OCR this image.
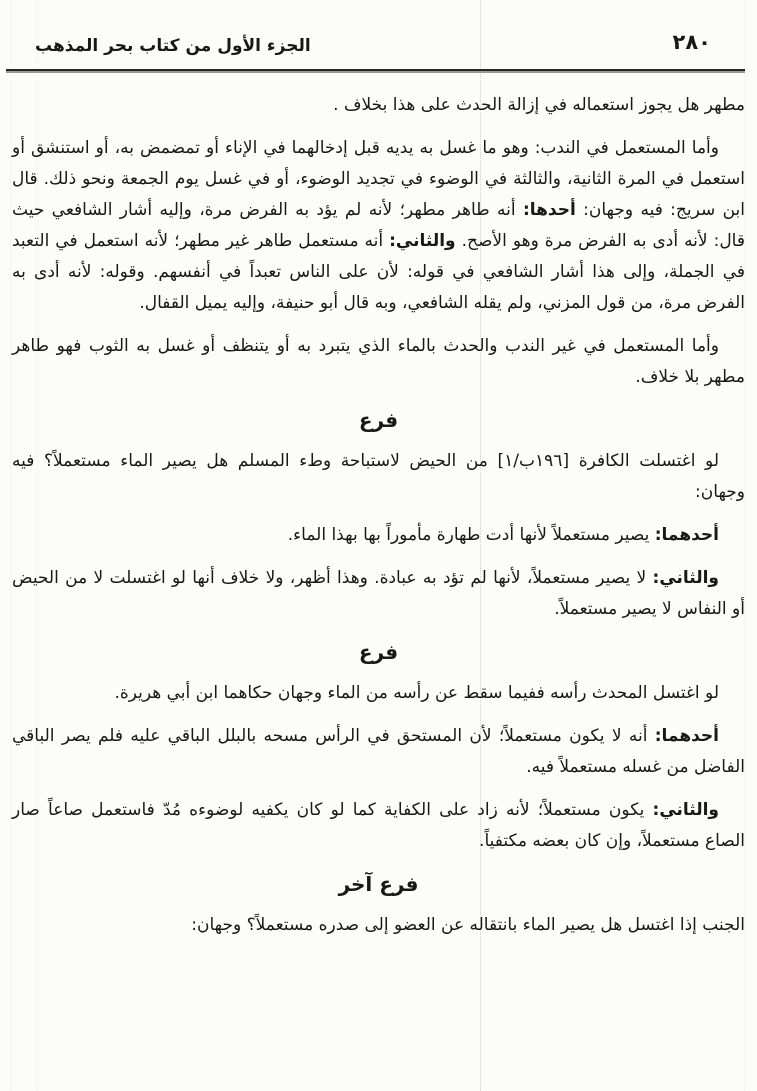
الجزء الأول من كتاب بحر المذهب	٢٨٠

مطهر هل يجوز استعماله في إزالة الحدث على هذا بخلاف .

وأما المستعمل في الندب: وهو ما غسل به يديه قبل إدخالهما في الإناء أو تمضمض به، أو استنشق أو استعمل في المرة الثانية، والثالثة في الوضوء في تجديد الوضوء، أو في غسل يوم الجمعة ونحو ذلك. قال ابن سريج: فيه وجهان: أحدها: أنه طاهر مطهر؛ لأنه لم يؤد به الفرض مرة، وإليه أشار الشافعي حيث قال: لأنه أدى به الفرض مرة وهو الأصح. والثاني: أنه مستعمل طاهر غير مطهر؛ لأنه استعمل في التعبد في الجملة، وإلى هذا أشار الشافعي في قوله: لأن على الناس تعبداً في أنفسهم. وقوله: لأنه أدى به الفرض مرة، من قول المزني، ولم يقله الشافعي، وبه قال أبو حنيفة، وإليه يميل القفال.

وأما المستعمل في غير الندب والحدث بالماء الذي يتبرد به أو يتنظف أو غسل به الثوب فهو طاهر مطهر بلا خلاف.

فرع

لو اغتسلت الكافرة [١٩٦ب/١] من الحيض لاستباحة وطء المسلم هل يصير الماء مستعملاً؟ فيه وجهان:

أحدهما: يصير مستعملاً لأنها أدت طهارة مأموراً بها بهذا الماء.

والثاني: لا يصير مستعملاً، لأنها لم تؤد به عبادة. وهذا أظهر، ولا خلاف أنها لو اغتسلت لا من الحيض أو النفاس لا يصير مستعملاً.

فرع

لو اغتسل المحدث رأسه ففيما سقط عن رأسه من الماء وجهان حكاهما ابن أبي هريرة.

أحدهما: أنه لا يكون مستعملاً؛ لأن المستحق في الرأس مسحه بالبلل الباقي عليه فلم يصر الباقي الفاضل من غسله مستعملاً فيه.

والثاني: يكون مستعملاً؛ لأنه زاد على الكفاية كما لو كان يكفيه لوضوءه مُدّ فاستعمل صاعاً صار الصاع مستعملاً، وإن كان بعضه مكتفياً.

فرع آخر

الجنب إذا اغتسل هل يصير الماء بانتقاله عن العضو إلى صدره مستعملاً؟ وجهان:
